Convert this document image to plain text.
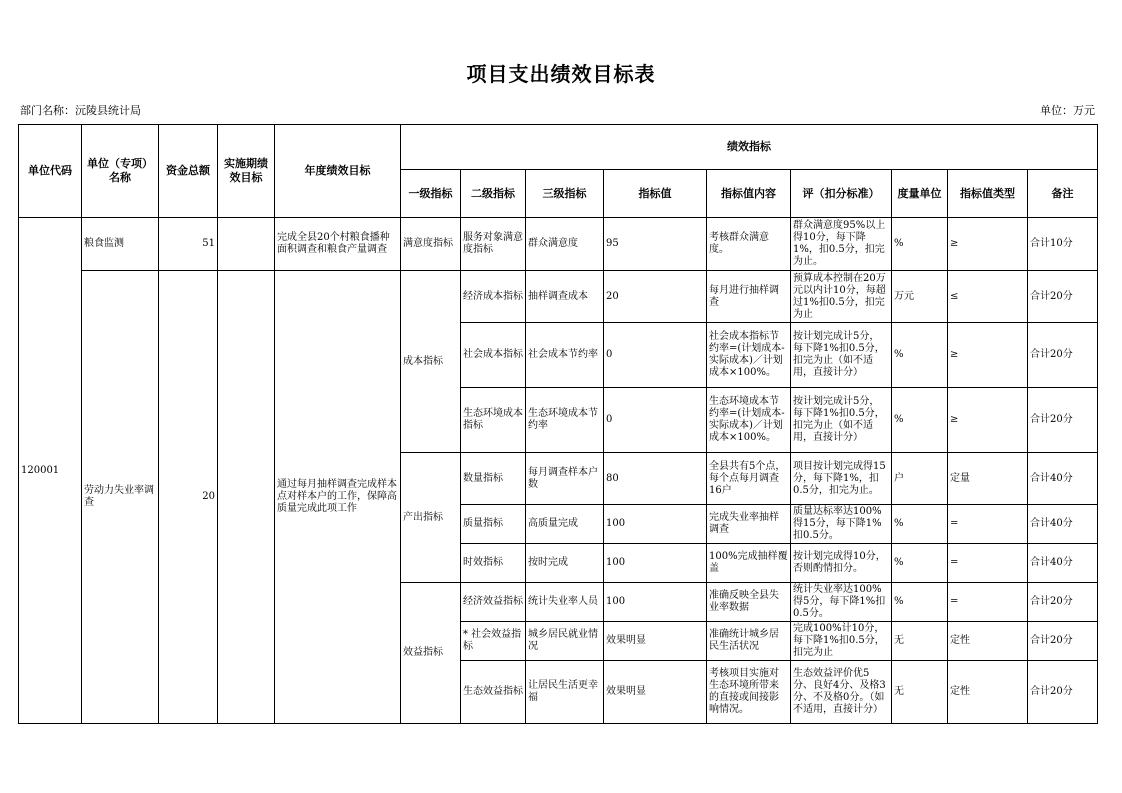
项目支出绩效目标表
部门名称：沅陵县统计局	单位：万元
单位代码	单位（专项）名称	资金总额	实施期绩效目标	年度绩效目标	绩效指标								
					一级指标	二级指标	三级指标	指标值	指标值内容	评（扣分标准）	度量单位	指标值类型	备注
120001	粮食监测	51		完成全县20个村粮食播种面积调查和粮食产量调查	满意度指标	服务对象满意度指标	群众满意度	95	考核群众满意度。	群众满意度95%以上得10分，每下降1%，扣0.5分，扣完为止。	%	≥	合计10分
	劳动力失业率调查	20		通过每月抽样调查完成样本点对样本户的工作，保障高质量完成此项工作	成本指标	经济成本指标	抽样调查成本	20	每月进行抽样调查	预算成本控制在20万元以内计10分，每超过1%扣0.5分，扣完为止	万元	≤	合计20分
						社会成本指标	社会成本节约率	0	社会成本指标节约率=(计划成本-实际成本)／计划成本×100%。	按计划完成计5分，每下降1%扣0.5分，扣完为止（如不适用，直接计分）	%	≥	合计20分
						生态环境成本指标	生态环境成本节约率	0	生态环境成本节约率=(计划成本-实际成本)／计划成本×100%。	按计划完成计5分，每下降1%扣0.5分，扣完为止（如不适用，直接计分）	%	≥	合计20分
					产出指标	数量指标	每月调查样本户数	80	全县共有5个点，每个点每月调查16户	项目按计划完成得15分，每下降1%，扣0.5分，扣完为止。	户	定量	合计40分
						质量指标	高质量完成	100	完成失业率抽样调查	质量达标率达100%得15分，每下降1%扣0.5分。	%	=	合计40分
						时效指标	按时完成	100	100%完成抽样覆盖	按计划完成得10分，否则酌情扣分。	%	=	合计40分
					效益指标	经济效益指标	统计失业率人员	100	准确反映全县失业率数据	统计失业率达100%得5分，每下降1%扣0.5分。	%	=	合计20分
						* 社会效益指标	城乡居民就业情况	效果明显	准确统计城乡居民生活状况	完成100%计10分，每下降1%扣0.5分，扣完为止	无	定性	合计20分
						生态效益指标	让居民生活更幸福	效果明显	考核项目实施对生态环境所带来的直接或间接影响情况。	生态效益评价优5分、良好4分、及格3分、不及格0分。（如不适用，直接计分）	无	定性	合计20分
